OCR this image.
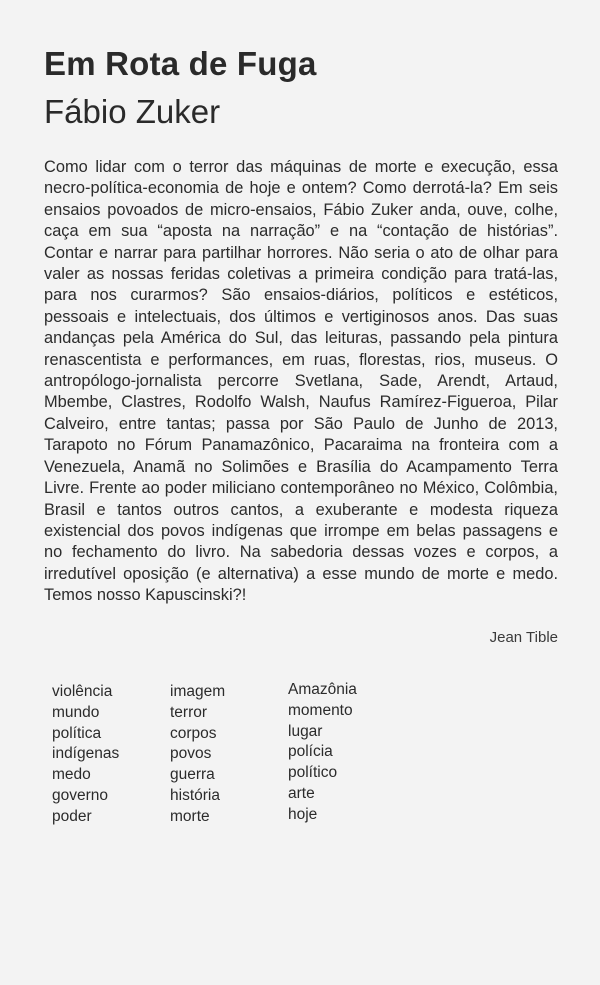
Em Rota de Fuga
Fábio Zuker

Como lidar com o terror das máquinas de morte e execução, essa necro-política-economia de hoje e ontem? Como derrotá-la? Em seis ensaios povoados de micro-ensaios, Fábio Zuker anda, ouve, colhe, caça em sua “aposta na narração” e na “contação de histórias”. Contar e narrar para partilhar horrores. Não seria o ato de olhar para valer as nossas feridas coletivas a primeira condição para tratá-las, para nos curarmos? São ensaios-diários, políticos e estéticos, pessoais e intelectuais, dos últimos e vertiginosos anos. Das suas andanças pela América do Sul, das leituras, passando pela pintura renascentista e performances, em ruas, florestas, rios, museus. O antropólogo-jornalista percorre Svetlana, Sade, Arendt, Artaud, Mbembe, Clastres, Rodolfo Walsh, Naufus Ramírez-Figueroa, Pilar Calveiro, entre tantas; passa por São Paulo de Junho de 2013, Tarapoto no Fórum Panamazônico, Pacaraima na fronteira com a Venezuela, Anamã no Solimões e Brasília do Acampamento Terra Livre. Frente ao poder miliciano contemporâneo no México, Colômbia, Brasil e tantos outros cantos, a exuberante e modesta riqueza existencial dos povos indígenas que irrompe em belas passagens e no fechamento do livro. Na sabedoria dessas vozes e corpos, a irredutível oposição (e alternativa) a esse mundo de morte e medo. Temos nosso Kapuscinski?!

Jean Tible
violência
mundo
política
indígenas
medo
governo
poder
imagem
terror
corpos
povos
guerra
história
morte
Amazônia
momento
lugar
polícia
político
arte
hoje
